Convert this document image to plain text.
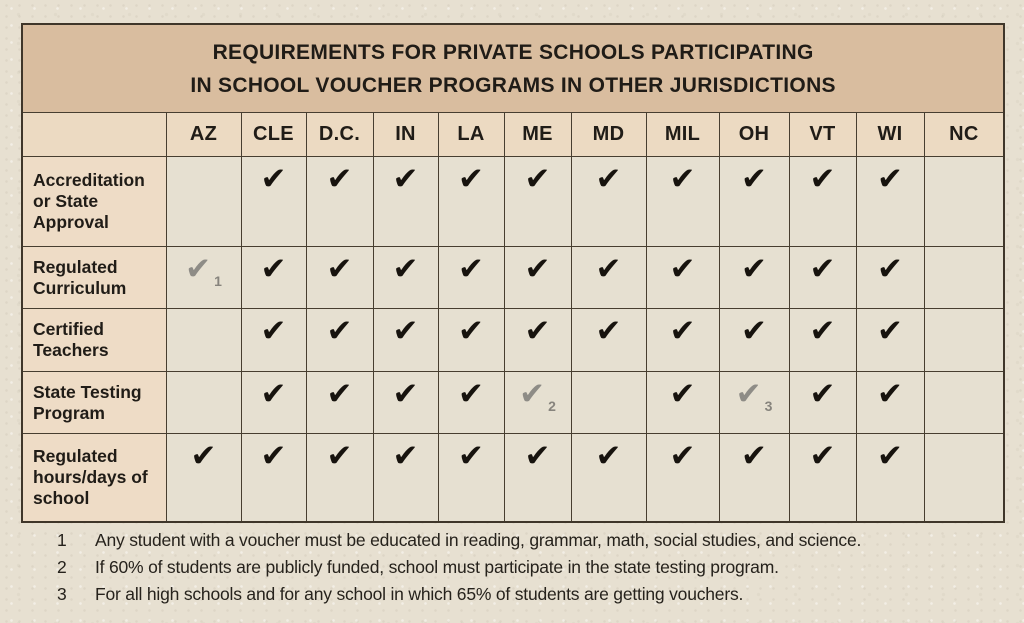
REQUIREMENTS FOR PRIVATE SCHOOLS PARTICIPATING
IN SCHOOL VOUCHER PROGRAMS IN OTHER JURISDICTIONS												

	AZ	CLE	D.C.	IN	LA	ME	MD	MIL	OH	VT	WI	NC
Accreditation or State Approval		✔	✔	✔	✔	✔	✔	✔	✔	✔	✔	

Regulated Curriculum	✔ 1	✔	✔	✔	✔	✔	✔	✔	✔	✔	✔	

Certified Teachers		✔	✔	✔	✔	✔	✔	✔	✔	✔	✔	

State Testing Program		✔	✔	✔	✔	✔ 2		✔	✔ 3	✔	✔	

Regulated hours/days of school	✔	✔	✔	✔	✔	✔	✔	✔	✔	✔	✔	

1	Any student with a voucher must be educated in reading, grammar, math, social studies, and science.
2	If 60% of students are publicly funded, school must participate in the state testing program.
3	For all high schools and for any school in which 65% of students are getting vouchers.
